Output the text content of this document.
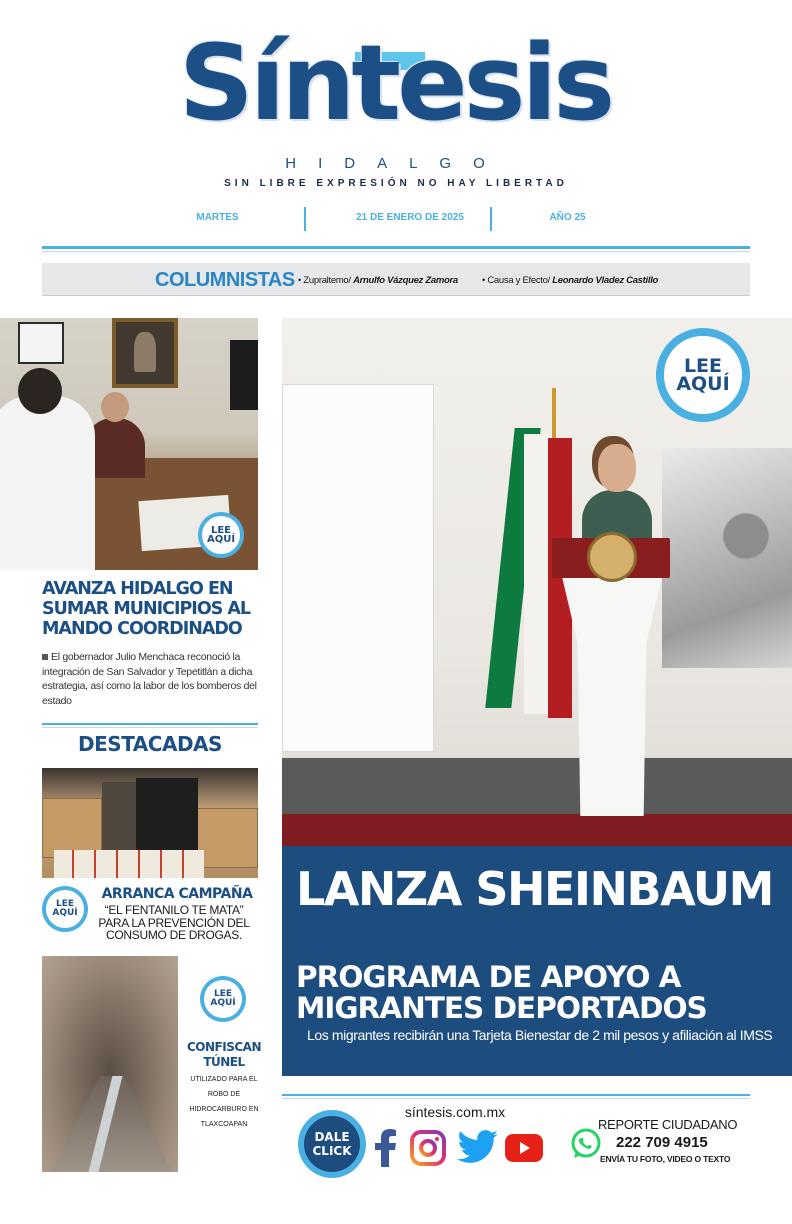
Síntesis
HIDALGO
SIN LIBRE EXPRESIÓN NO HAY LIBERTAD
MARTES	21 DE ENERO DE 2025	AÑO 25
COLUMNISTAS • Zupraltemo/ Arnulfo Vázquez Zamora	• Causa y Efecto/ Leonardo Vladez Castillo
LEE
AQUÍ
AVANZA HIDALGO EN SUMAR MUNICIPIOS AL MANDO COORDINADO
El gobernador Julio Menchaca reconoció la integración de San Salvador y Tepetitlán a dicha estrategia, así como la labor de los bomberos del estado
DESTACADAS
LEE
AQUÍ
ARRANCA CAMPAÑA
“EL FENTANILO TE MATA” PARA LA PREVENCIÓN DEL CONSUMO DE DROGAS.
LEE
AQUÍ
CONFISCAN TÚNEL
UTILIZADO PARA EL ROBO DE HIDROCARBURO EN TLAXCOAPAN
LEE
AQUÍ
LANZA SHEINBAUM
PROGRAMA DE APOYO A MIGRANTES DEPORTADOS
Los migrantes recibirán una Tarjeta Bienestar de 2 mil pesos y afiliación al IMSS
síntesis.com.mx
DALE
CLICK
REPORTE CIUDADANO
222 709 4915
ENVÍA TU FOTO, VIDEO O TEXTO
